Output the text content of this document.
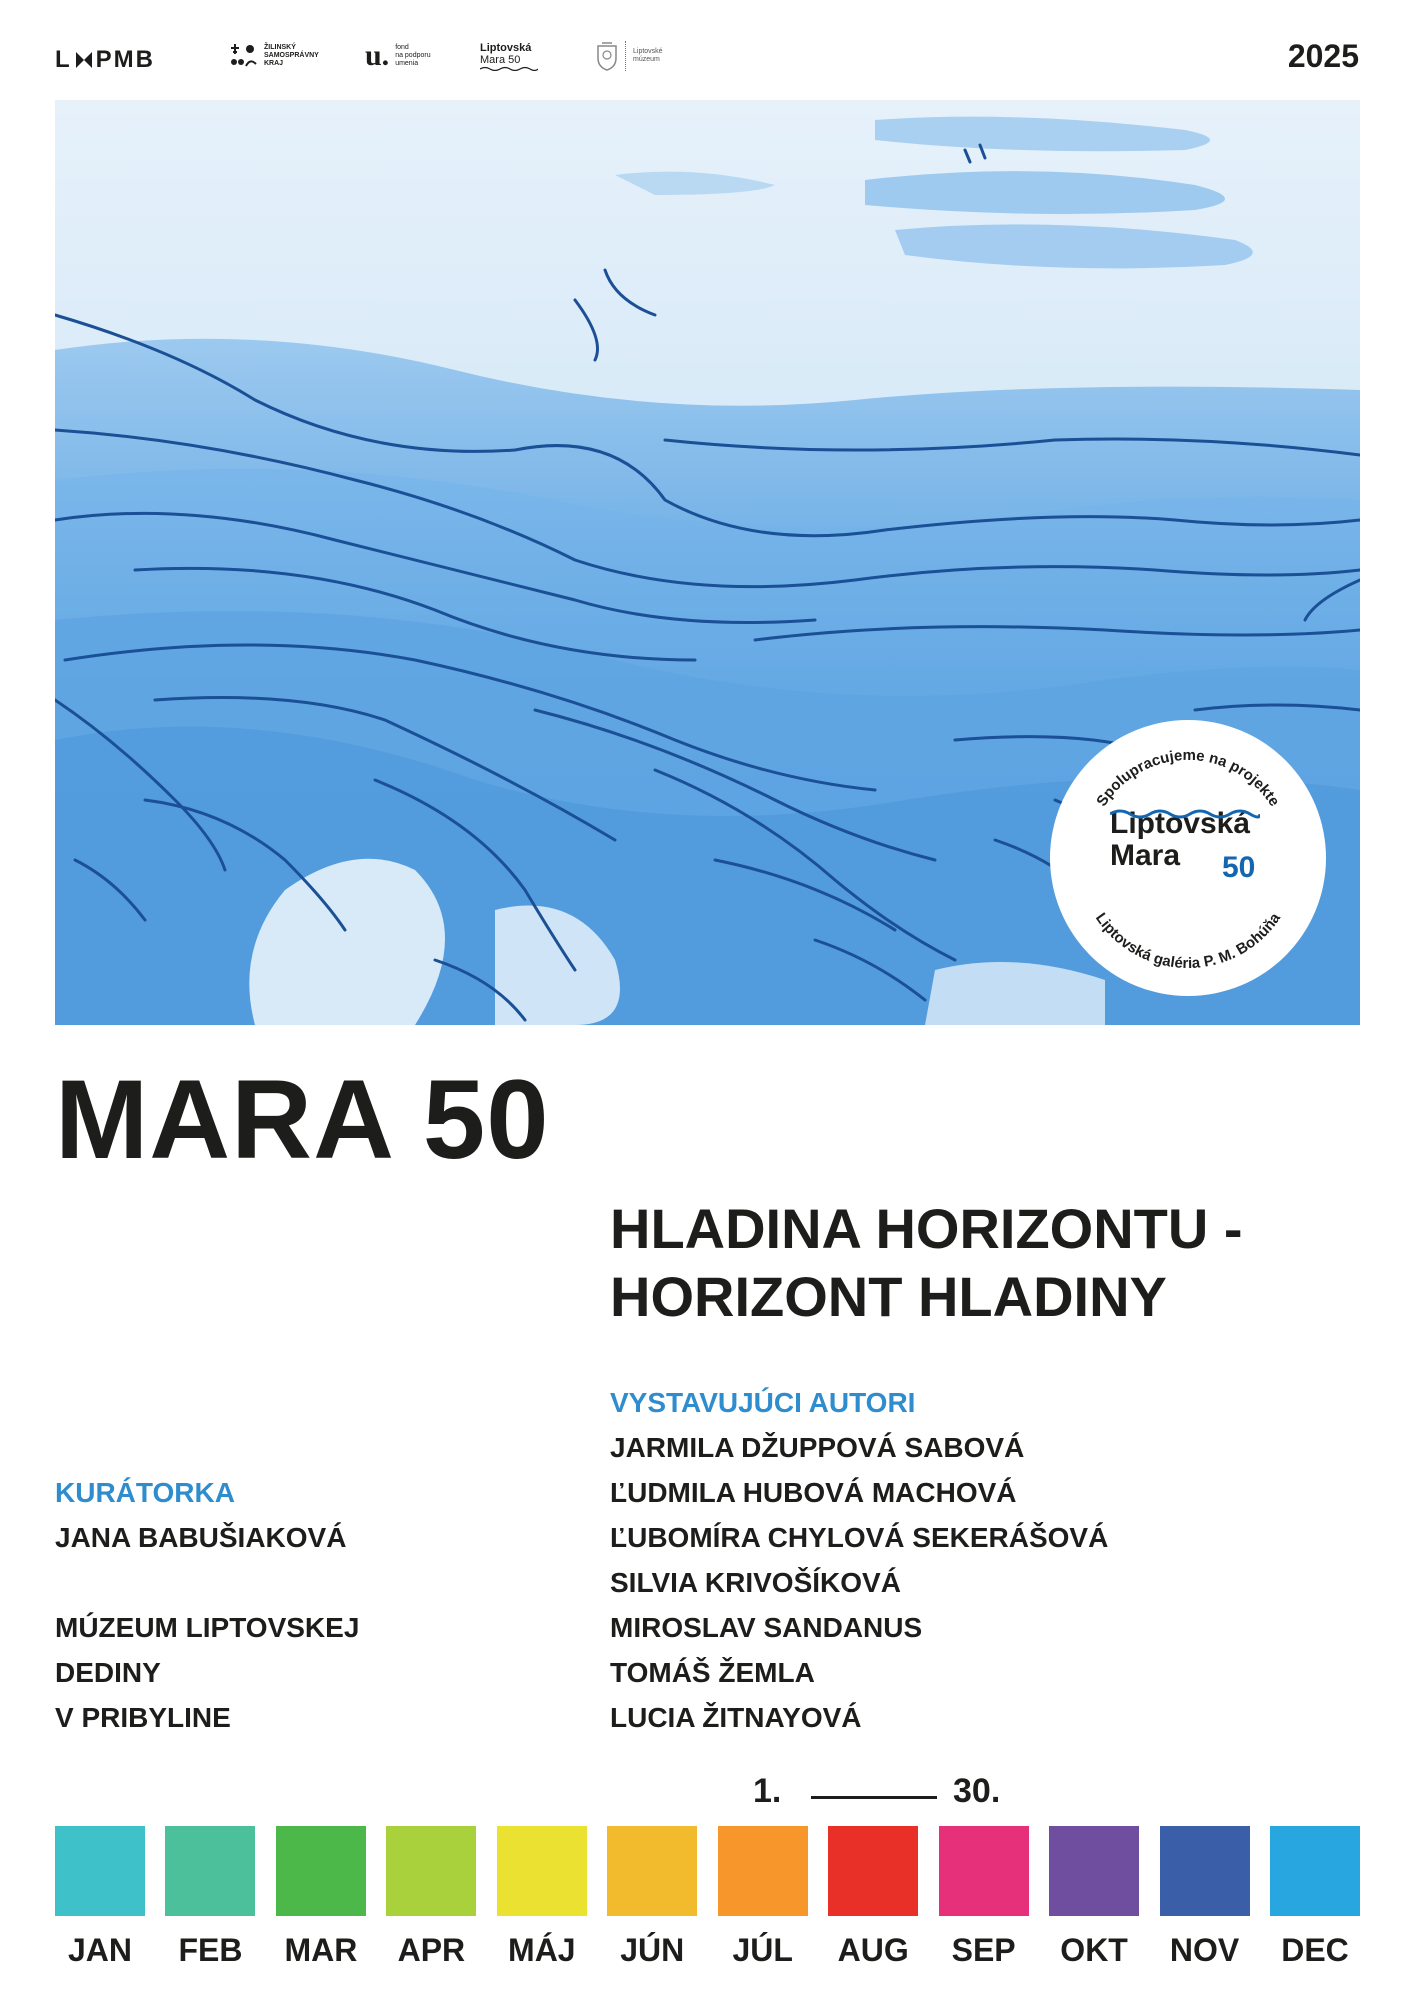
L PMB	ŽILINSKÝ
SAMOSPRÁVNY
KRAJ	u. fond
na podporu
umenia
Liptovská
Mara 50
Liptovské
múzeum	2025
Spolupracujeme na projekte
Liptovská galéria P. M. Bohúňa
Liptovská
Mara 50
MARA 50
HLADINA HORIZONTU -
HORIZONT HLADINY
VYSTAVUJÚCI AUTORI
JARMILA DŽUPPOVÁ SABOVÁ
ĽUDMILA HUBOVÁ MACHOVÁ
ĽUBOMÍRA CHYLOVÁ SEKERÁŠOVÁ
SILVIA KRIVOŠÍKOVÁ
MIROSLAV SANDANUS
TOMÁŠ ŽEMLA
LUCIA ŽITNAYOVÁ
KURÁTORKA
JANA BABUŠIAKOVÁ
MÚZEUM LIPTOVSKEJ
DEDINY
V PRIBYLINE
1.	30.
JAN FEB MAR APR MÁJ JÚN JÚL AUG SEP OKT NOV DEC
